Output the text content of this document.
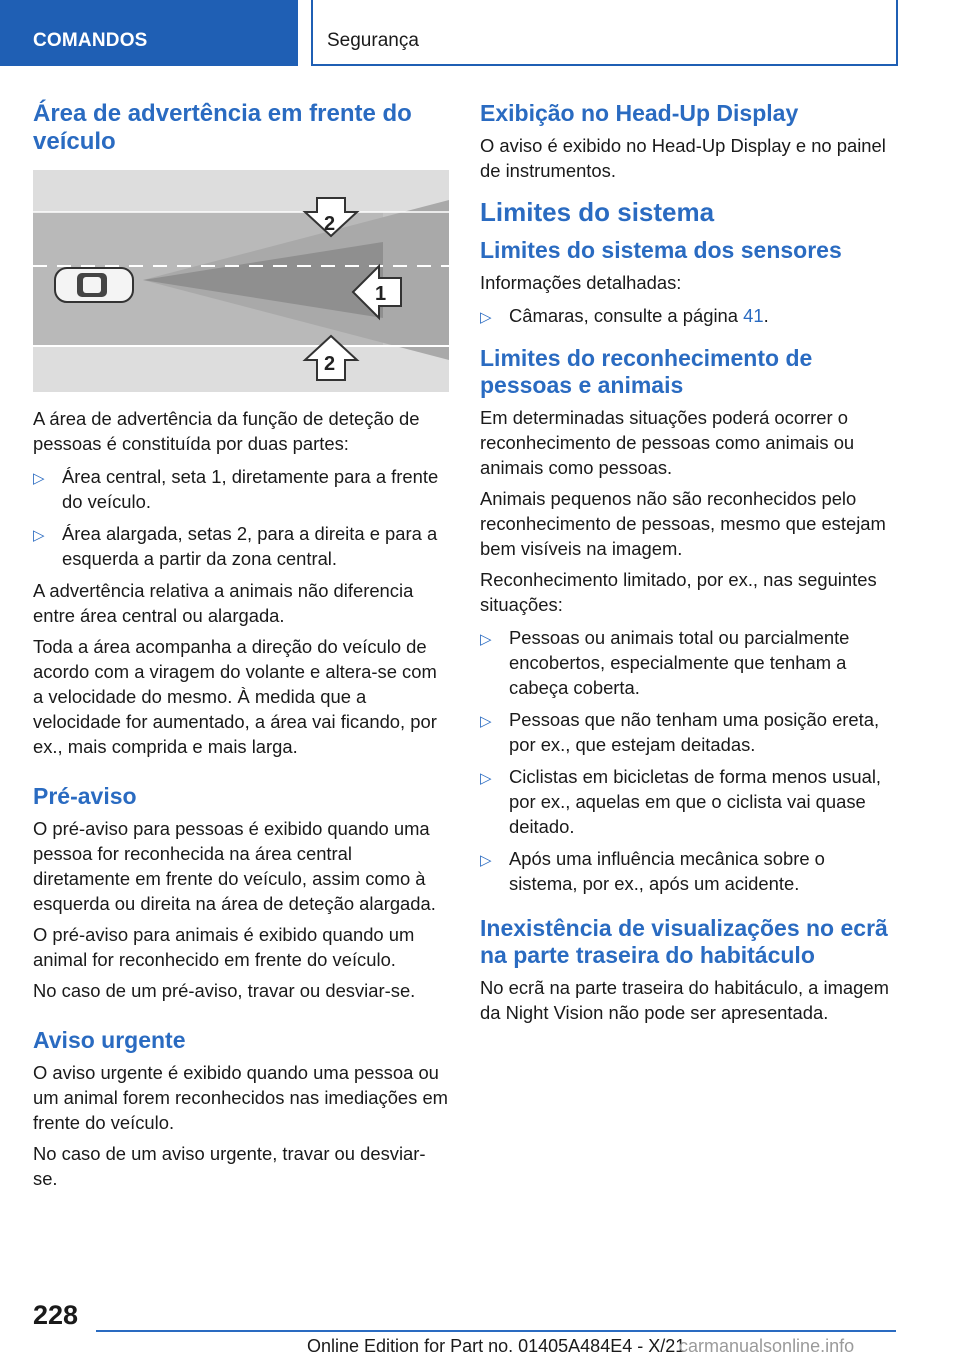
COMANDOS	Segurança
Área de advertência em frente do veículo
1
2
2

A área de advertência da função de deteção de pessoas é constituída por duas partes:

▷ Área central, seta 1, diretamente para a frente do veículo.
▷ Área alargada, setas 2, para a direita e para a esquerda a partir da zona central.

A advertência relativa a animais não diferencia entre área central ou alargada.

Toda a área acompanha a direção do veículo de acordo com a viragem do volante e altera-se com a velocidade do mesmo. À medida que a velocidade for aumentado, a área vai ficando, por ex., mais comprida e mais larga.

Pré-aviso

O pré-aviso para pessoas é exibido quando uma pessoa for reconhecida na área central diretamente em frente do veículo, assim como à esquerda ou direita na área de deteção alargada.

O pré-aviso para animais é exibido quando um animal for reconhecido em frente do veículo.

No caso de um pré-aviso, travar ou desviar-se.

Aviso urgente

O aviso urgente é exibido quando uma pessoa ou um animal forem reconhecidos nas imediações em frente do veículo.

No caso de um aviso urgente, travar ou desviar-se.

Exibição no Head-Up Display

O aviso é exibido no Head-Up Display e no painel de instrumentos.

Limites do sistema
Limites do sistema dos sensores

Informações detalhadas:

▷ Câmaras, consulte a página 41.
Limites do reconhecimento de pessoas e animais

Em determinadas situações poderá ocorrer o reconhecimento de pessoas como animais ou animais como pessoas.

Animais pequenos não são reconhecidos pelo reconhecimento de pessoas, mesmo que estejam bem visíveis na imagem.

Reconhecimento limitado, por ex., nas seguintes situações:

▷ Pessoas ou animais total ou parcialmente encobertos, especialmente que tenham a cabeça coberta.
▷ Pessoas que não tenham uma posição ereta, por ex., que estejam deitadas.
▷ Ciclistas em bicicletas de forma menos usual, por ex., aquelas em que o ciclista vai quase deitado.
▷ Após uma influência mecânica sobre o sistema, por ex., após um acidente.
Inexistência de visualizações no ecrã na parte traseira do habitáculo

No ecrã na parte traseira do habitáculo, a imagem da Night Vision não pode ser apresentada.

228
Online Edition for Part no. 01405A484E4 - X/21
carmanualsonline.info
